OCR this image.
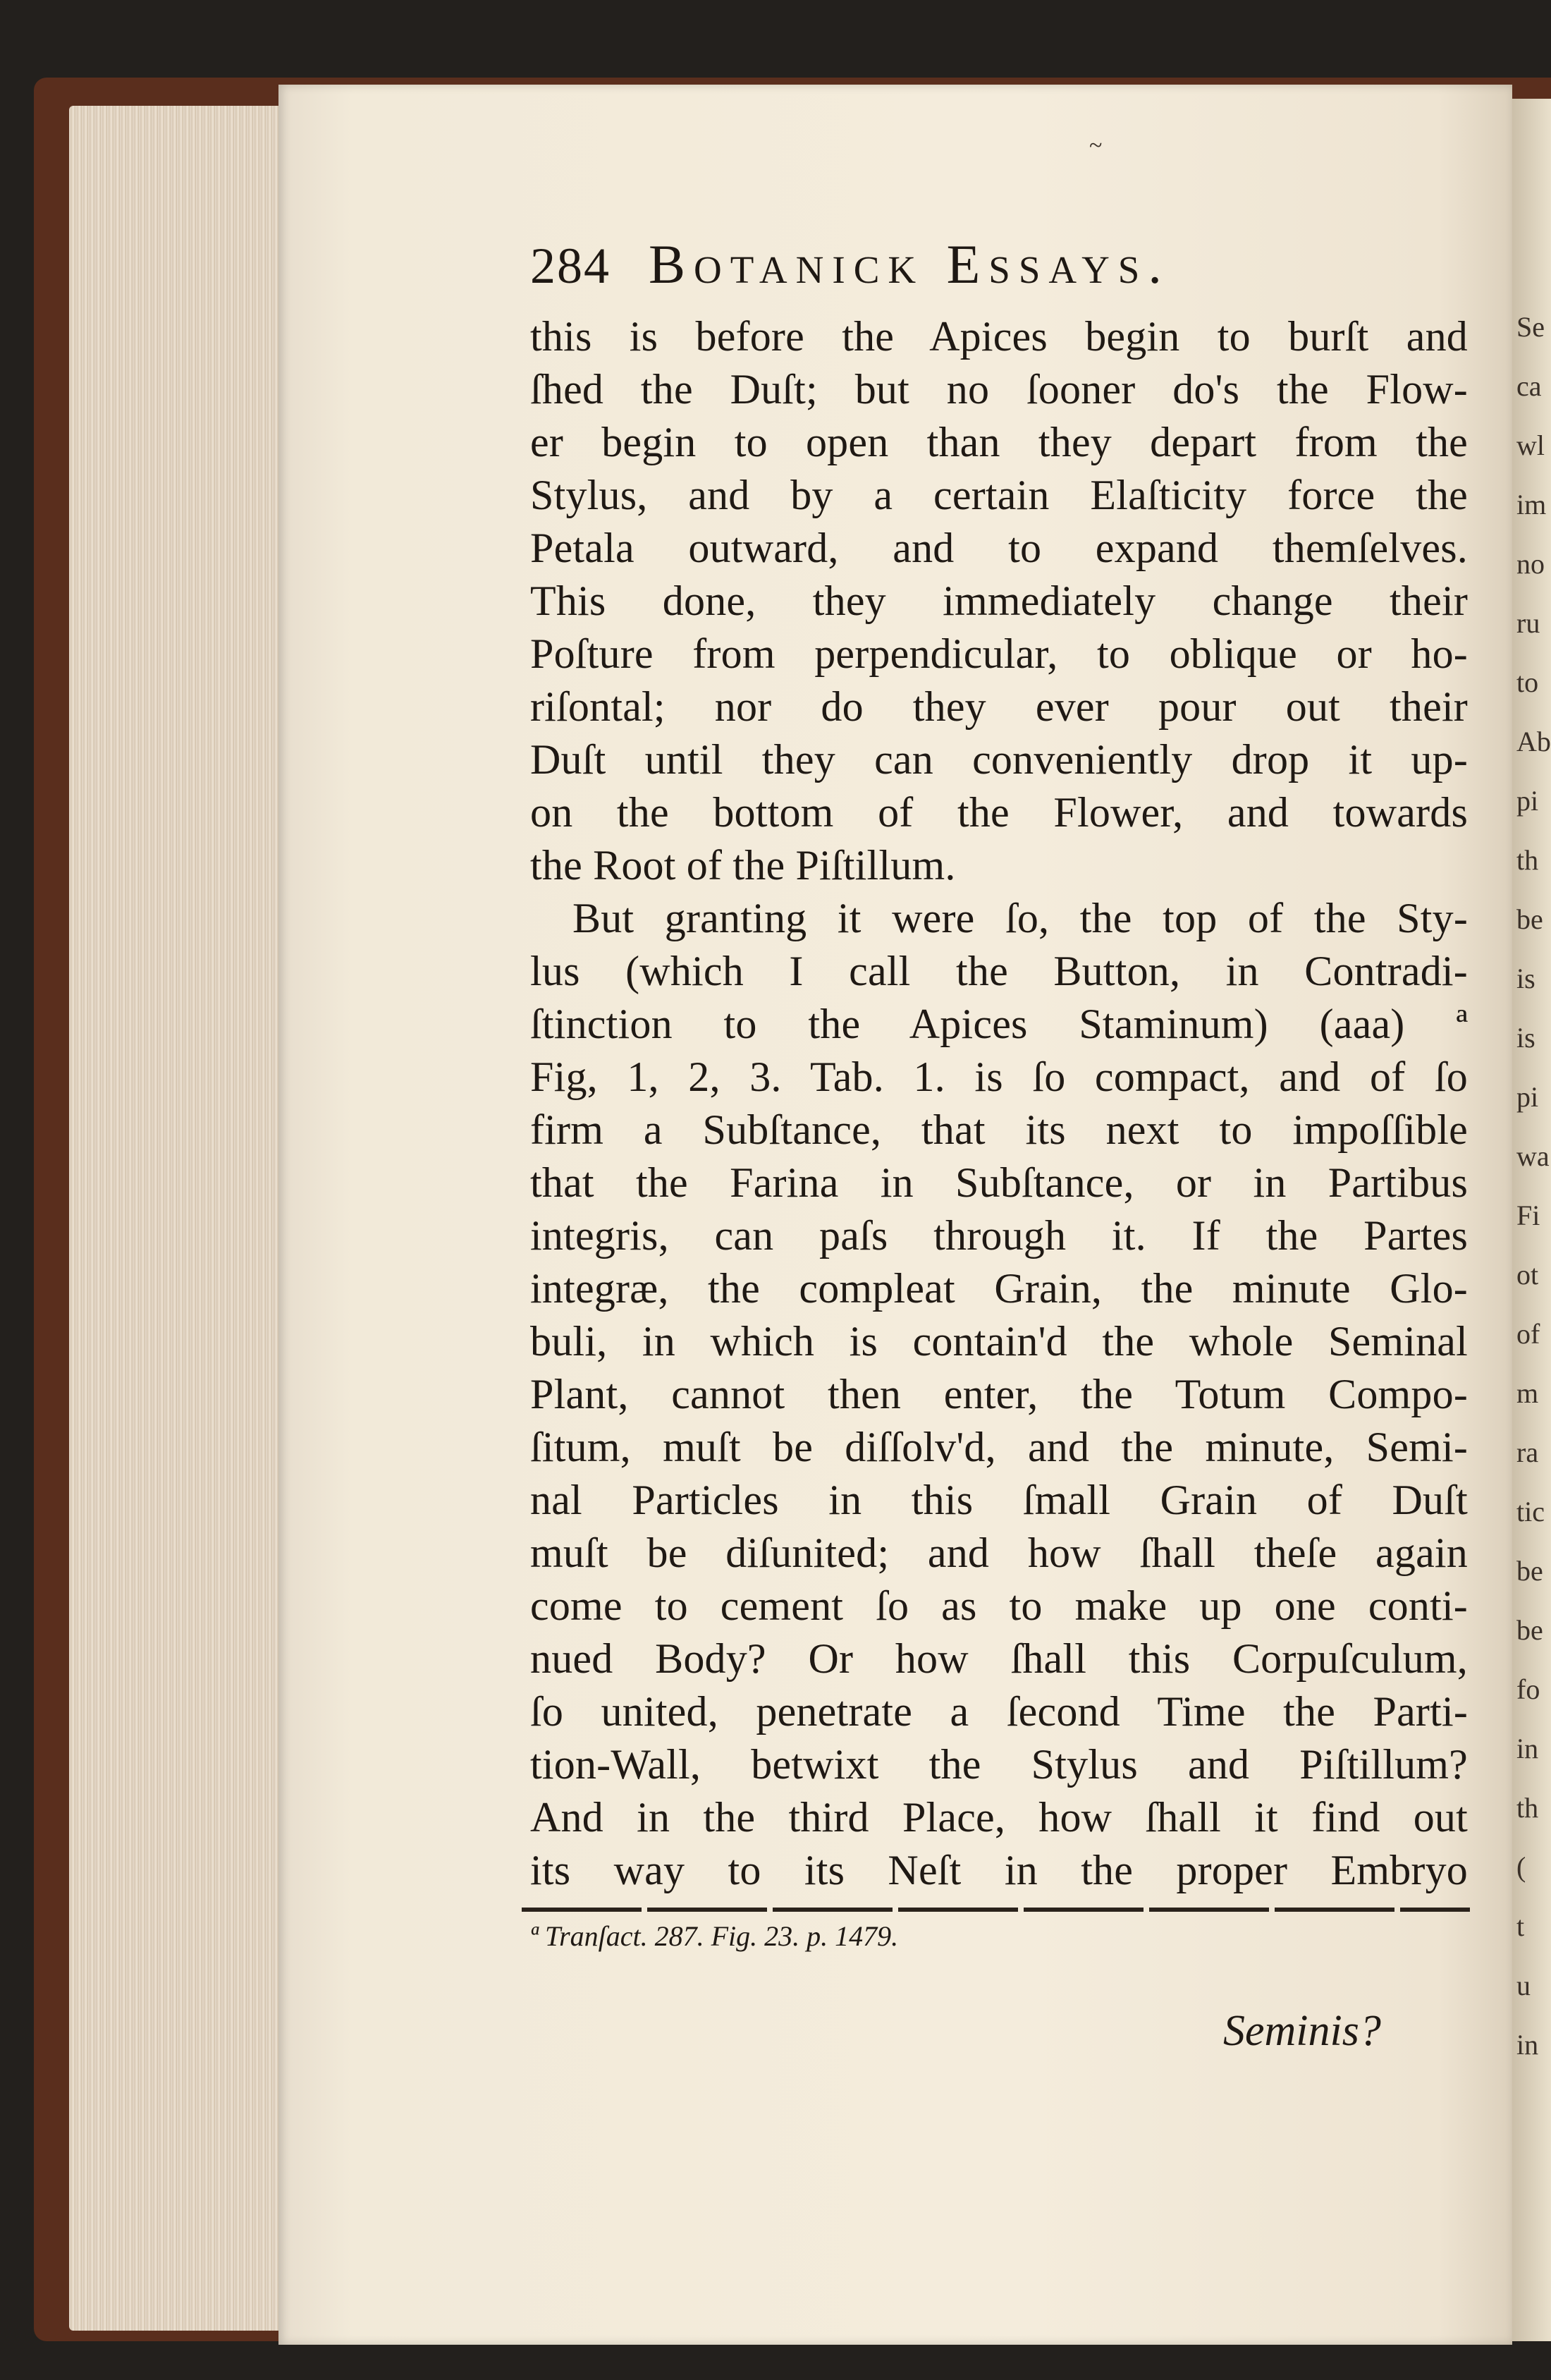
Se
ca
wl
im
no
ru
to
Ab
pi
th
be
is
is
pi
wa
Fi
ot
of
m
ra
tic
be
be
fo
in
th
(
t
u
in
~
284 Botanick Essays.
this is before the Apices begin to burſt and
ſhed the Duſt; but no ſooner do's the Flow-
er begin to open than they depart from the
Stylus, and by a certain Elaſticity force the
Petala outward, and to expand themſelves.
This done, they immediately change their
Poſture from perpendicular, to oblique or ho-
riſontal; nor do they ever pour out their
Duſt until they can conveniently drop it up-
on the bottom of the Flower, and towards
the Root of the Piſtillum.
But granting it were ſo, the top of the Sty-
lus (which I call the Button, in Contradi-
ſtinction to the Apices Staminum) (aaa) ª
Fig, 1, 2, 3. Tab. 1. is ſo compact, and of ſo
firm a Subſtance, that its next to impoſſible
that the Farina in Subſtance, or in Partibus
integris, can paſs through it. If the Partes
integræ, the compleat Grain, the minute Glo-
buli, in which is contain'd the whole Seminal
Plant, cannot then enter, the Totum Compo-
ſitum, muſt be diſſolv'd, and the minute, Semi-
nal Particles in this ſmall Grain of Duſt
muſt be diſunited; and how ſhall theſe again
come to cement ſo as to make up one conti-
nued Body? Or how ſhall this Corpuſculum,
ſo united, penetrate a ſecond Time the Parti-
tion-Wall, betwixt the Stylus and Piſtillum?
And in the third Place, how ſhall it find out
its way to its Neſt in the proper Embryo
ª Tranſact. 287. Fig. 23. p. 1479.
Seminis?
